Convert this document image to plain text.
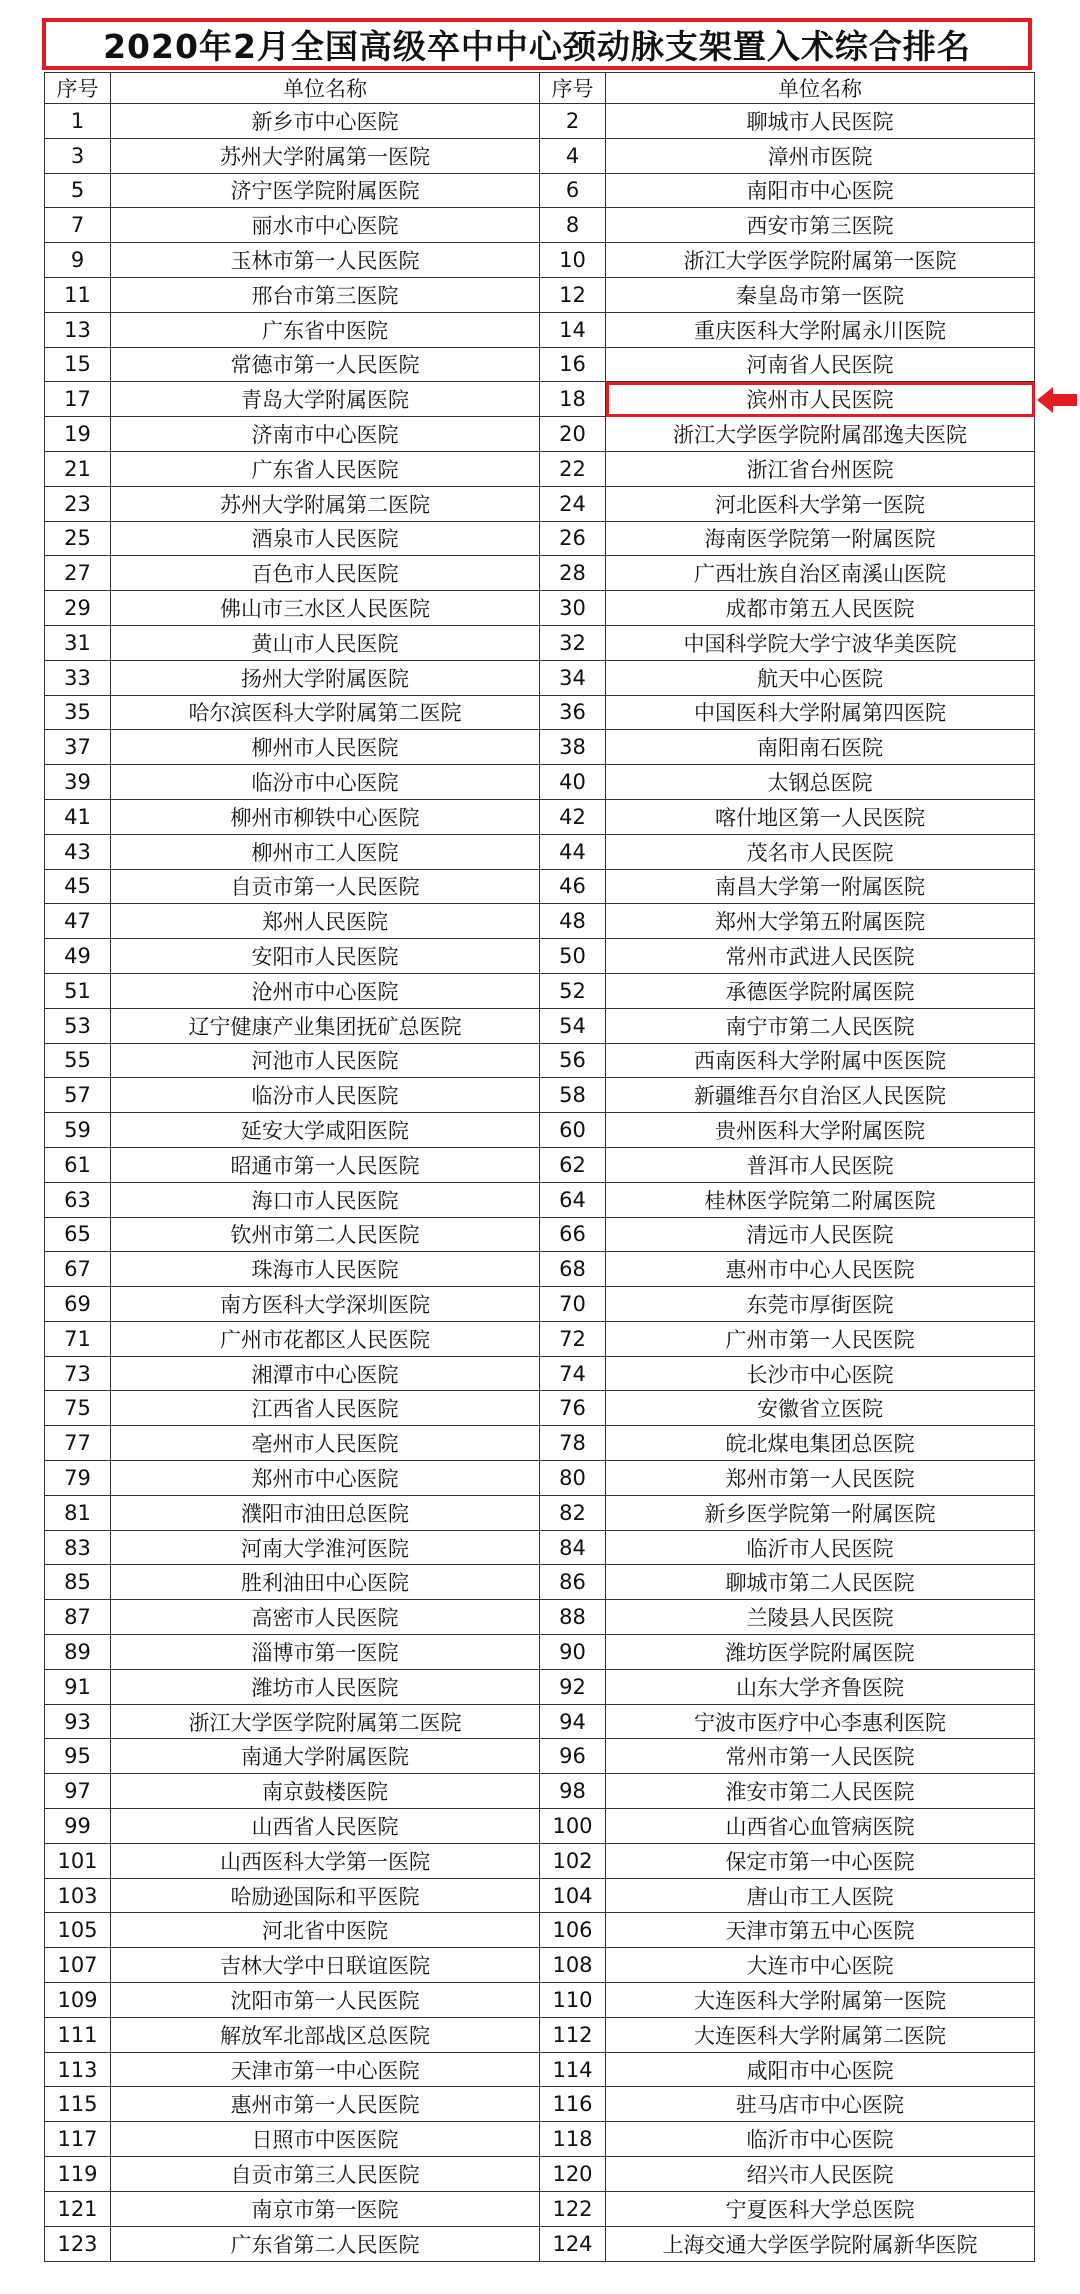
2020年2月全国高级卒中中心颈动脉支架置入术综合排名
序号	单位名称	序号	单位名称
1	新乡市中心医院	2	聊城市人民医院
3	苏州大学附属第一医院	4	漳州市医院
5	济宁医学院附属医院	6	南阳市中心医院
7	丽水市中心医院	8	西安市第三医院
9	玉林市第一人民医院	10	浙江大学医学院附属第一医院
11	邢台市第三医院	12	秦皇岛市第一医院
13	广东省中医院	14	重庆医科大学附属永川医院
15	常德市第一人民医院	16	河南省人民医院
17	青岛大学附属医院	18	滨州市人民医院
19	济南市中心医院	20	浙江大学医学院附属邵逸夫医院
21	广东省人民医院	22	浙江省台州医院
23	苏州大学附属第二医院	24	河北医科大学第一医院
25	酒泉市人民医院	26	海南医学院第一附属医院
27	百色市人民医院	28	广西壮族自治区南溪山医院
29	佛山市三水区人民医院	30	成都市第五人民医院
31	黄山市人民医院	32	中国科学院大学宁波华美医院
33	扬州大学附属医院	34	航天中心医院
35	哈尔滨医科大学附属第二医院	36	中国医科大学附属第四医院
37	柳州市人民医院	38	南阳南石医院
39	临汾市中心医院	40	太钢总医院
41	柳州市柳铁中心医院	42	喀什地区第一人民医院
43	柳州市工人医院	44	茂名市人民医院
45	自贡市第一人民医院	46	南昌大学第一附属医院
47	郑州人民医院	48	郑州大学第五附属医院
49	安阳市人民医院	50	常州市武进人民医院
51	沧州市中心医院	52	承德医学院附属医院
53	辽宁健康产业集团抚矿总医院	54	南宁市第二人民医院
55	河池市人民医院	56	西南医科大学附属中医医院
57	临汾市人民医院	58	新疆维吾尔自治区人民医院
59	延安大学咸阳医院	60	贵州医科大学附属医院
61	昭通市第一人民医院	62	普洱市人民医院
63	海口市人民医院	64	桂林医学院第二附属医院
65	钦州市第二人民医院	66	清远市人民医院
67	珠海市人民医院	68	惠州市中心人民医院
69	南方医科大学深圳医院	70	东莞市厚街医院
71	广州市花都区人民医院	72	广州市第一人民医院
73	湘潭市中心医院	74	长沙市中心医院
75	江西省人民医院	76	安徽省立医院
77	亳州市人民医院	78	皖北煤电集团总医院
79	郑州市中心医院	80	郑州市第一人民医院
81	濮阳市油田总医院	82	新乡医学院第一附属医院
83	河南大学淮河医院	84	临沂市人民医院
85	胜利油田中心医院	86	聊城市第二人民医院
87	高密市人民医院	88	兰陵县人民医院
89	淄博市第一医院	90	潍坊医学院附属医院
91	潍坊市人民医院	92	山东大学齐鲁医院
93	浙江大学医学院附属第二医院	94	宁波市医疗中心李惠利医院
95	南通大学附属医院	96	常州市第一人民医院
97	南京鼓楼医院	98	淮安市第二人民医院
99	山西省人民医院	100	山西省心血管病医院
101	山西医科大学第一医院	102	保定市第一中心医院
103	哈励逊国际和平医院	104	唐山市工人医院
105	河北省中医院	106	天津市第五中心医院
107	吉林大学中日联谊医院	108	大连市中心医院
109	沈阳市第一人民医院	110	大连医科大学附属第一医院
111	解放军北部战区总医院	112	大连医科大学附属第二医院
113	天津市第一中心医院	114	咸阳市中心医院
115	惠州市第一人民医院	116	驻马店市中心医院
117	日照市中医医院	118	临沂市中心医院
119	自贡市第三人民医院	120	绍兴市人民医院
121	南京市第一医院	122	宁夏医科大学总医院
123	广东省第二人民医院	124	上海交通大学医学院附属新华医院
